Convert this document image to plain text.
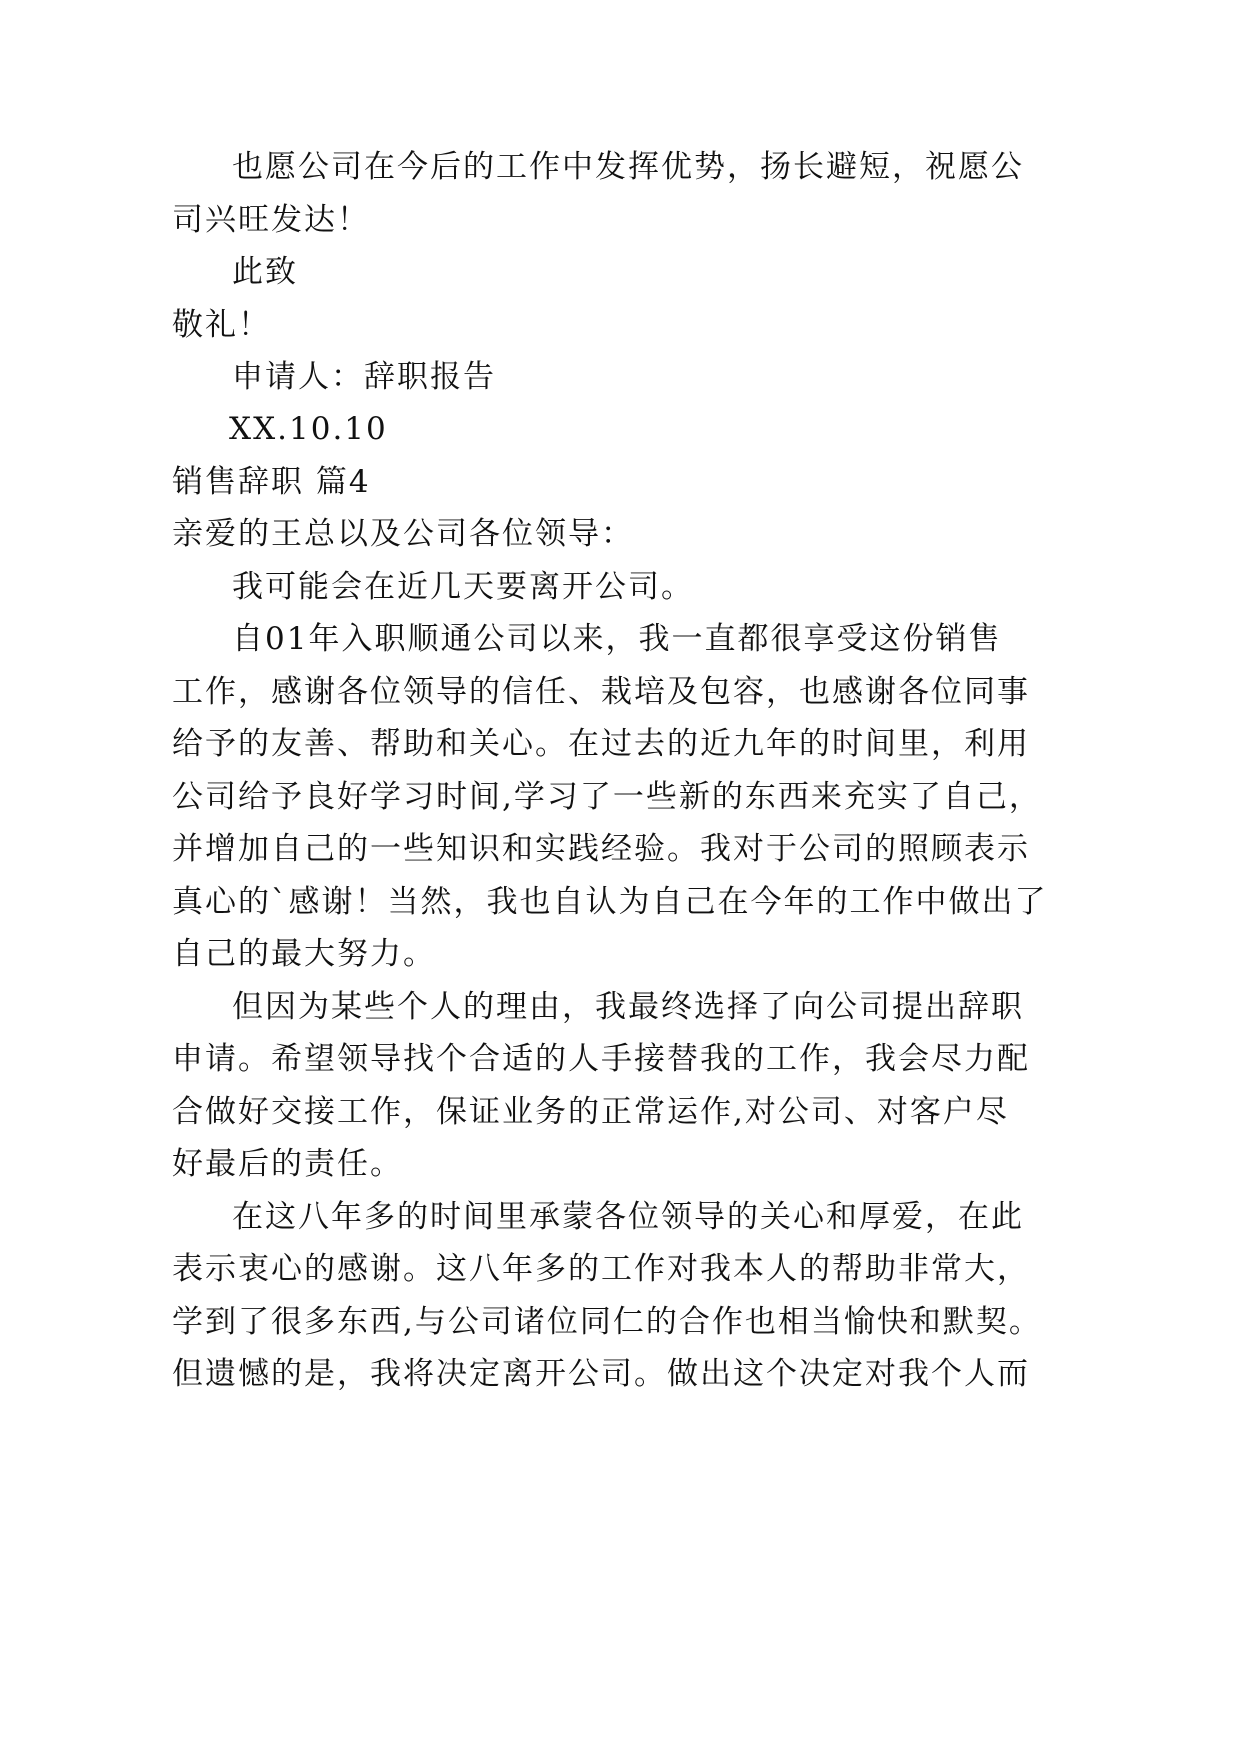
也愿公司在今后的工作中发挥优势，扬长避短，祝愿公
司兴旺发达！
此致
敬礼！
申请人：辞职报告
XX.10.10
销售辞职 篇4
亲爱的王总以及公司各位领导：
我可能会在近几天要离开公司。
自01年入职顺通公司以来，我一直都很享受这份销售
工作，感谢各位领导的信任、栽培及包容，也感谢各位同事
给予的友善、帮助和关心。在过去的近九年的时间里，利用
公司给予良好学习时间,学习了一些新的东西来充实了自己，
并增加自己的一些知识和实践经验。我对于公司的照顾表示
真心的`感谢！当然，我也自认为自己在今年的工作中做出了
自己的最大努力。
但因为某些个人的理由，我最终选择了向公司提出辞职
申请。希望领导找个合适的人手接替我的工作，我会尽力配
合做好交接工作，保证业务的正常运作,对公司、对客户尽
好最后的责任。
在这八年多的时间里承蒙各位领导的关心和厚爱，在此
表示衷心的感谢。这八年多的工作对我本人的帮助非常大，
学到了很多东西,与公司诸位同仁的合作也相当愉快和默契。
但遗憾的是，我将决定离开公司。做出这个决定对我个人而
